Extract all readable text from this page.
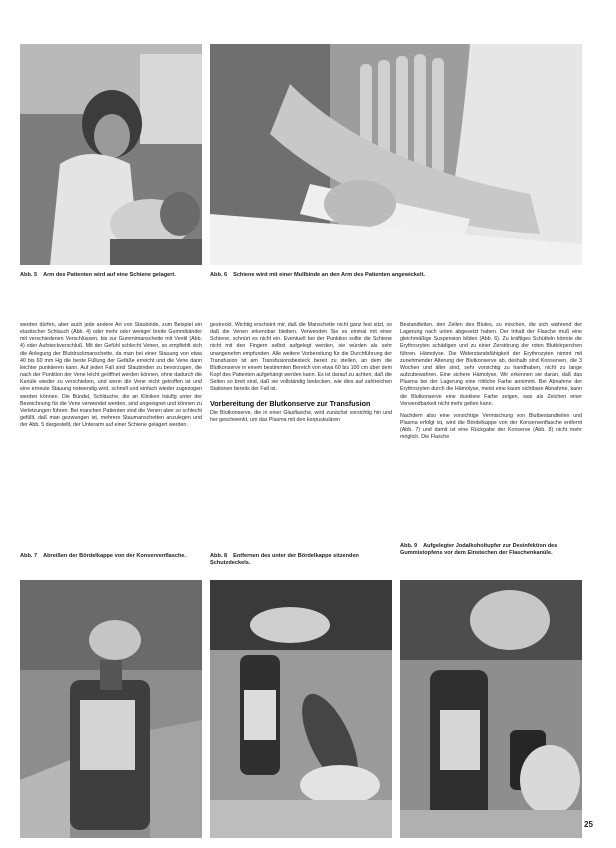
Abb. 5 Arm des Patienten wird auf eine Schiene gelagert.	Abb. 6 Schiene wird mit einer Mullbinde an den Arm des Patienten angewickelt.

werden dürfen, aber auch jede andere Art von Staubinde, zum Beispiel ein elastischer Schlauch (Abb. 4) oder mehr oder weniger breite Gummibänder mit verschiedenen Verschlüssen, bis zur Gummimanschette mit Ventil (Abb. 4) oder Aufsteckverschluß. Mit der Gefühl schlecht Venen, so empfiehlt sich die Anlegung der Blutdruckmanschette, da man bei einer Stauung von etwa 40 bis 60 mm Hg die beste Füllung der Gefäße erreicht und die Vene dann leichter punktieren kann. Auf jeden Fall sind Staubinden zu bevorzugen, die nach der Punktion der Vene leicht geöffnet werden können, ohne dadurch die Kanüle wieder zu verschieben, und wenn die Vene nicht getroffen ist und eine erneute Stauung notwendig wird, schnell und einfach wieder zugezogen werden können. Die Bündel, Schläuche, die an Kliniken häufig unter der Bezeichnung für die Vene verwendet werden, sind ungeeignet und können zu Verletzungen führen. Bei manchen Patienten sind die Venen aber so schlecht gefüllt, daß man gezwungen ist, mehrere Staumanschetten anzulegen und der Abb. 5 dargestellt, der Unterarm auf einer Schiene gelagert werden.

gestreckt. Wichtig erscheint mir, daß die Manschette nicht ganz fest sitzt, so daß die Venen erkennbar bleiben. Verwenden Sie es einmal mit einer Schiene, schnürt es nicht ein. Eventuell bei der Punktion sollte die Schiene nicht mit den Fingern selbst aufgelegt werden, sie würden als sehr unangenehm empfunden. Alle weitere Vorbereitung für die Durchführung der Transfusion ist am Transfusionsbesteck bereit zu stellen, an dem die Blutkonserve in einem bestimmten Bereich von etwa 60 bis 100 cm über dem Kopf des Patienten aufgehängt werden kann. Es ist darauf zu achten, daß die Seiten so breit sind, daß sie vollständig bedecken, wie dies auf zahlreichen Stationen bereits der Fall ist.

Vorbereitung der Blutkonserve zur Transfusion

Die Blutkonserve, die in einer Glasflasche, wird zunächst vorsichtig hin und her geschwenkt, um das Plasma mit den korpuskulären

Bestandteilen, den Zellen des Blutes, zu mischen, die sich während der Lagerung nach unten abgesetzt haben. Der Inhalt der Flasche muß eine gleichmäßige Suspension bilden (Abb. 6). Zu kräftiges Schütteln könnte die Erythrozyten schädigen und zu einer Zerstörung der roten Blutkörperchen führen. Hämolyse. Die Widerstandsfähigkeit der Erythrozyten nimmt mit zunehmender Alterung der Blutkonserve ab, deshalb sind Konserven, die 3 Wochen und älter sind, sehr vorsichtig zu handhaben, nicht zu lange aufzubewahren. Eine sichere Hämolyse, Wir erkennen sie daran, daß das Plasma bei der Lagerung eine rötliche Farbe annimmt. Bei Abnahme der Erythrozyten durch die Hämolyse, meist eine kaum sichtbare Abnahme, kann die Blutkonserve eine dunklere Farbe zeigen, was als Zeichen einer Verwendbarkeit nicht mehr gelten kann.

Nachdem also eine vorsichtige Vermischung von Blutbestandteilen und Plasma erfolgt ist, wird die Bördelkappe von der Konservenflasche entfernt (Abb. 7) und damit ist eine Rückgabe der Konserve (Abb. 8) nicht mehr möglich. Die Flasche

Abb. 7 Abreißen der Bördelkappe von der Konservenflasche.	Abb. 8 Entfernen des unter der Bördelkappe sitzenden Schutzdeckels.
Abb. 9 Aufgelegter Jodalkoholtupfer zur Desinfektion des Gummistopfens vor dem Einstechen der Flaschenkanüle.
25
